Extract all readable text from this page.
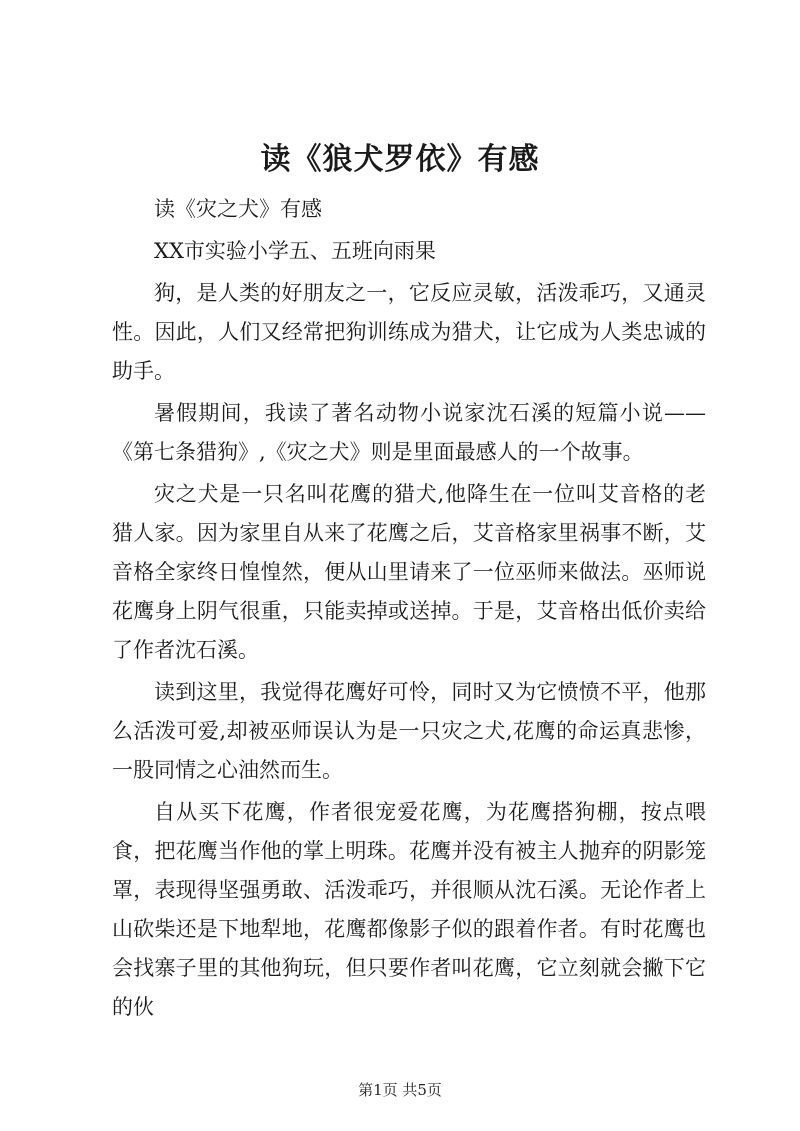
读《狼犬罗依》有感

读《灾之犬》有感

XX市实验小学五、五班向雨果

狗，是人类的好朋友之一，它反应灵敏，活泼乖巧，又通灵性。因此，人们又经常把狗训练成为猎犬，让它成为人类忠诚的助手。

暑假期间，我读了著名动物小说家沈石溪的短篇小说——《第七条猎狗》,《灾之犬》则是里面最感人的一个故事。

灾之犬是一只名叫花鹰的猎犬,他降生在一位叫艾音格的老猎人家。因为家里自从来了花鹰之后，艾音格家里祸事不断，艾音格全家终日惶惶然，便从山里请来了一位巫师来做法。巫师说花鹰身上阴气很重，只能卖掉或送掉。于是，艾音格出低价卖给了作者沈石溪。

读到这里，我觉得花鹰好可怜，同时又为它愤愤不平，他那么活泼可爱,却被巫师误认为是一只灾之犬,花鹰的命运真悲惨，一股同情之心油然而生。

自从买下花鹰，作者很宠爱花鹰，为花鹰搭狗棚，按点喂食，把花鹰当作他的掌上明珠。花鹰并没有被主人抛弃的阴影笼罩，表现得坚强勇敢、活泼乖巧，并很顺从沈石溪。无论作者上山砍柴还是下地犁地，花鹰都像影子似的跟着作者。有时花鹰也会找寨子里的其他狗玩，但只要作者叫花鹰，它立刻就会撇下它的伙

第1页 共5页
